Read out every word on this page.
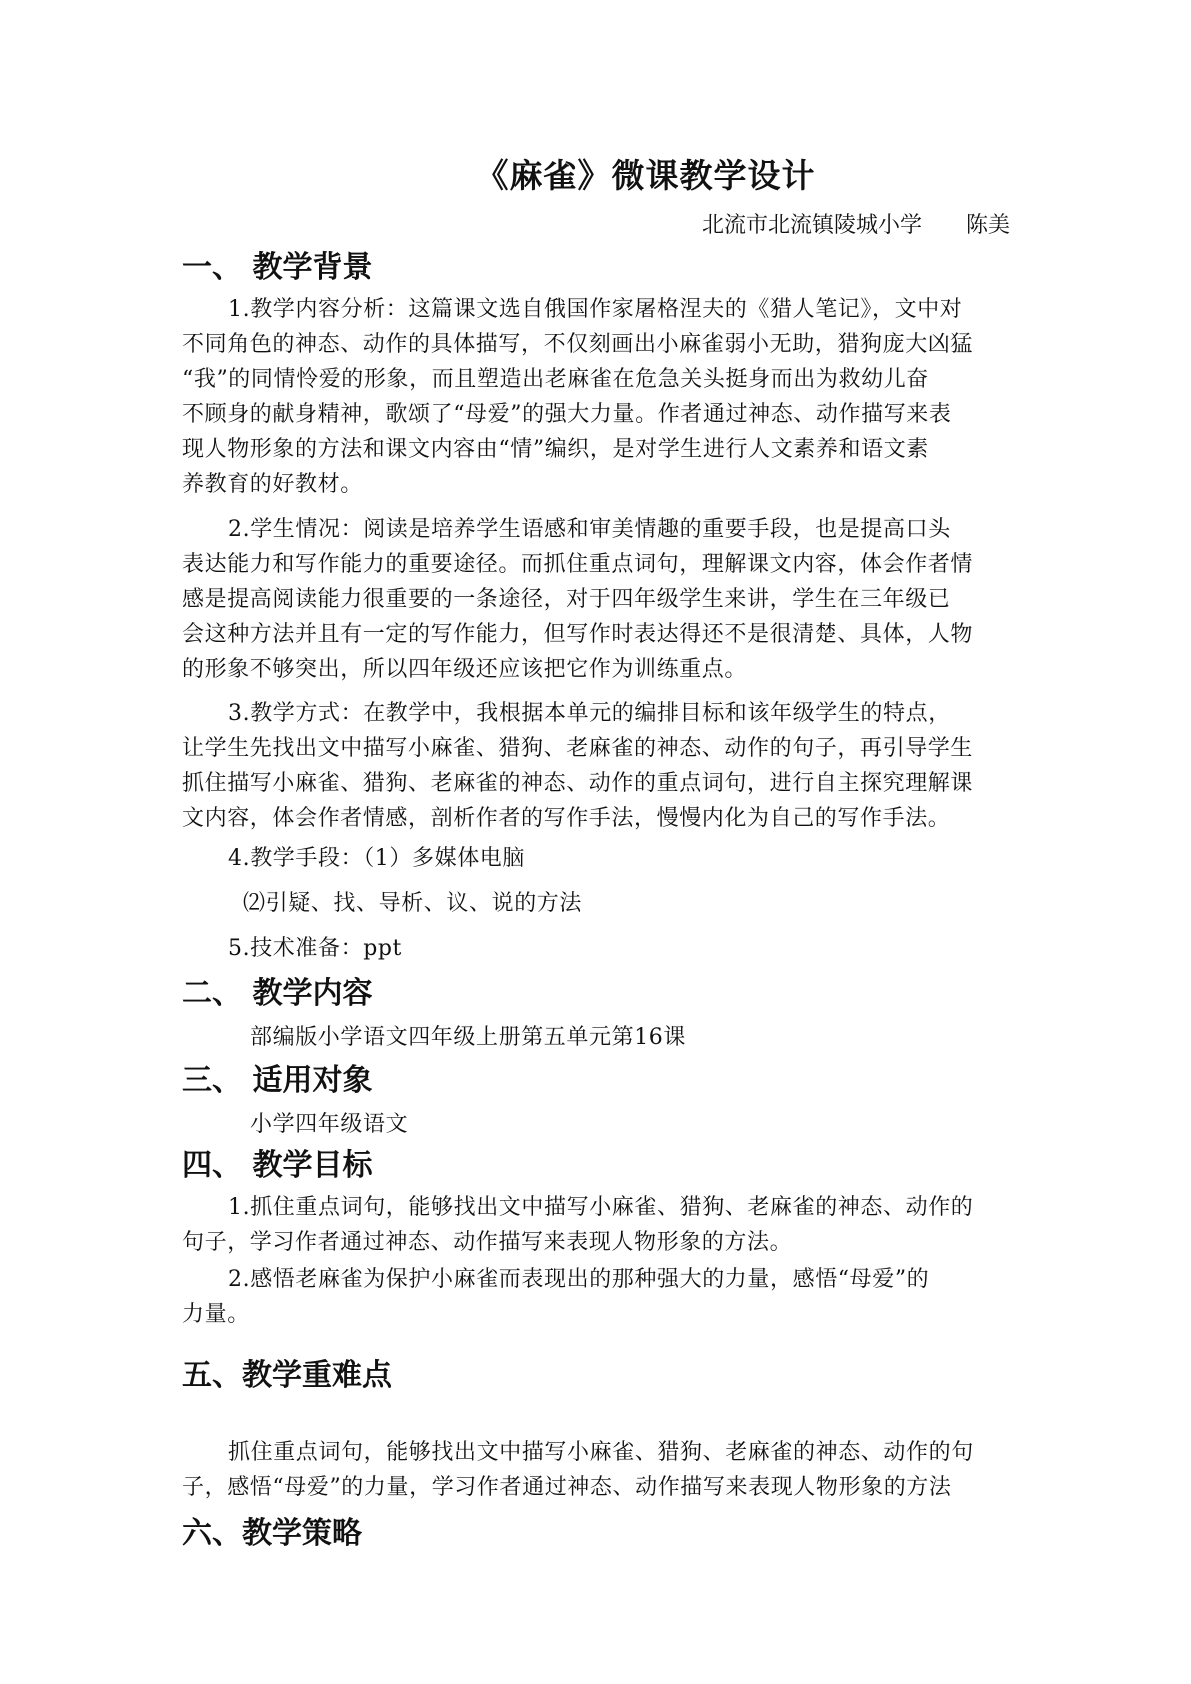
《麻雀》微课教学设计
北流市北流镇陵城小学　　陈美
一、 教学背景
1.教学内容分析：这篇课文选自俄国作家屠格涅夫的《猎人笔记》，文中对
不同角色的神态、动作的具体描写，不仅刻画出小麻雀弱小无助，猎狗庞大凶猛
“我”的同情怜爱的形象，而且塑造出老麻雀在危急关头挺身而出为救幼儿奋
不顾身的献身精神，歌颂了“母爱”的强大力量。作者通过神态、动作描写来表
现人物形象的方法和课文内容由“情”编织，是对学生进行人文素养和语文素
养教育的好教材。
2.学生情况：阅读是培养学生语感和审美情趣的重要手段，也是提高口头
表达能力和写作能力的重要途径。而抓住重点词句，理解课文内容，体会作者情
感是提高阅读能力很重要的一条途径，对于四年级学生来讲，学生在三年级已
会这种方法并且有一定的写作能力，但写作时表达得还不是很清楚、具体，人物
的形象不够突出，所以四年级还应该把它作为训练重点。
3.教学方式：在教学中，我根据本单元的编排目标和该年级学生的特点，
让学生先找出文中描写小麻雀、猎狗、老麻雀的神态、动作的句子，再引导学生
抓住描写小麻雀、猎狗、老麻雀的神态、动作的重点词句，进行自主探究理解课
文内容，体会作者情感，剖析作者的写作手法，慢慢内化为自己的写作手法。
4.教学手段：（1）多媒体电脑
⑵引疑、找、导析、议、说的方法
5.技术准备：ppt
二、 教学内容
部编版小学语文四年级上册第五单元第16课
三、 适用对象
小学四年级语文
四、 教学目标
1.抓住重点词句，能够找出文中描写小麻雀、猎狗、老麻雀的神态、动作的
句子，学习作者通过神态、动作描写来表现人物形象的方法。
2.感悟老麻雀为保护小麻雀而表现出的那种强大的力量，感悟“母爱”的
力量。
五、教学重难点
抓住重点词句，能够找出文中描写小麻雀、猎狗、老麻雀的神态、动作的句
子，感悟“母爱”的力量，学习作者通过神态、动作描写来表现人物形象的方法
六、教学策略
